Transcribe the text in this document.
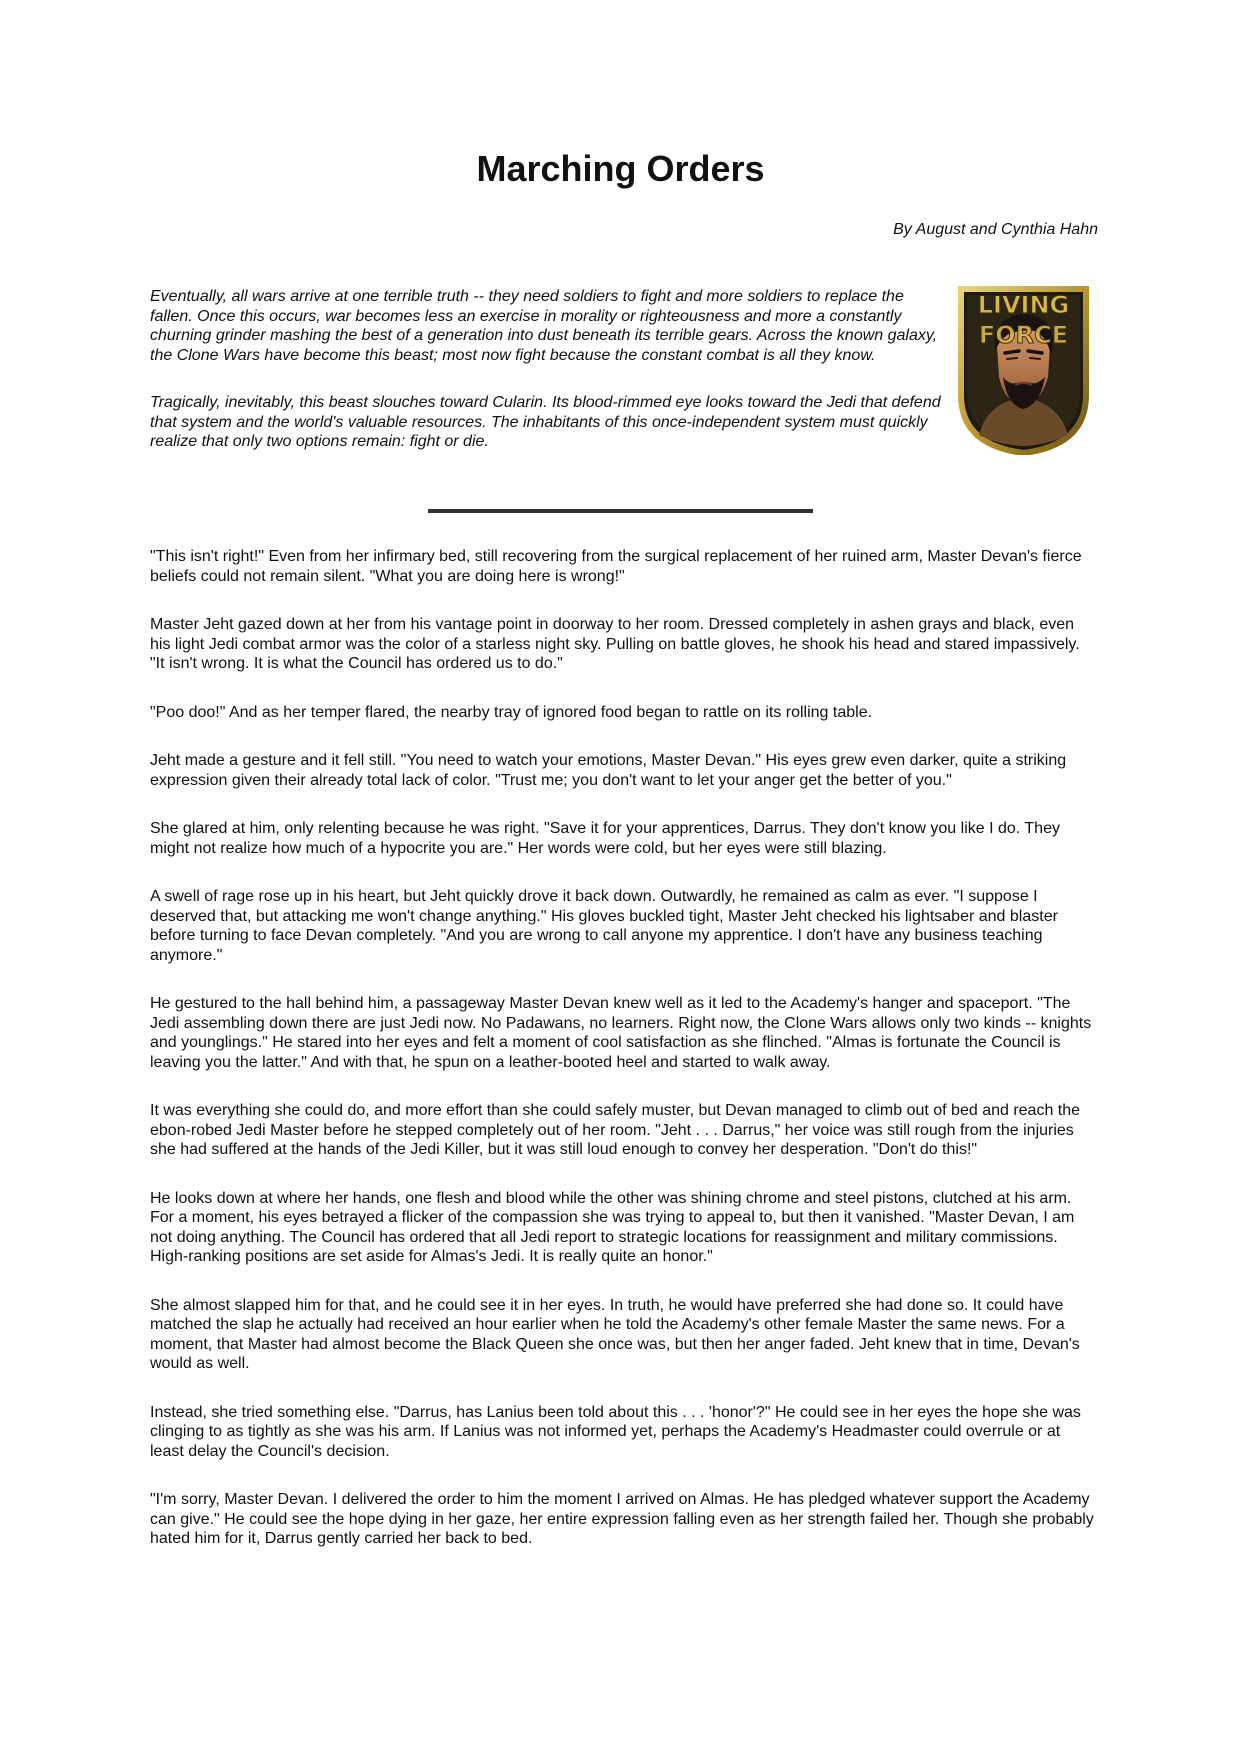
Marching Orders
By August and Cynthia Hahn

Eventually, all wars arrive at one terrible truth -- they need soldiers to fight and more soldiers to replace the fallen. Once this occurs, war becomes less an exercise in morality or righteousness and more a constantly churning grinder mashing the best of a generation into dust beneath its terrible gears. Across the known galaxy, the Clone Wars have become this beast; most now fight because the constant combat is all they know.

Tragically, inevitably, this beast slouches toward Cularin. Its blood-rimmed eye looks toward the Jedi that defend that system and the world's valuable resources. The inhabitants of this once-independent system must quickly realize that only two options remain: fight or die.

LIVING
FORCE

"This isn't right!" Even from her infirmary bed, still recovering from the surgical replacement of her ruined arm, Master Devan's fierce beliefs could not remain silent. "What you are doing here is wrong!"

Master Jeht gazed down at her from his vantage point in doorway to her room. Dressed completely in ashen grays and black, even his light Jedi combat armor was the color of a starless night sky. Pulling on battle gloves, he shook his head and stared impassively. "It isn't wrong. It is what the Council has ordered us to do."

"Poo doo!" And as her temper flared, the nearby tray of ignored food began to rattle on its rolling table.

Jeht made a gesture and it fell still. "You need to watch your emotions, Master Devan." His eyes grew even darker, quite a striking expression given their already total lack of color. "Trust me; you don't want to let your anger get the better of you."

She glared at him, only relenting because he was right. "Save it for your apprentices, Darrus. They don't know you like I do. They might not realize how much of a hypocrite you are." Her words were cold, but her eyes were still blazing.

A swell of rage rose up in his heart, but Jeht quickly drove it back down. Outwardly, he remained as calm as ever. "I suppose I deserved that, but attacking me won't change anything." His gloves buckled tight, Master Jeht checked his lightsaber and blaster before turning to face Devan completely. "And you are wrong to call anyone my apprentice. I don't have any business teaching anymore."

He gestured to the hall behind him, a passageway Master Devan knew well as it led to the Academy's hanger and spaceport. "The Jedi assembling down there are just Jedi now. No Padawans, no learners. Right now, the Clone Wars allows only two kinds -- knights and younglings." He stared into her eyes and felt a moment of cool satisfaction as she flinched. "Almas is fortunate the Council is leaving you the latter." And with that, he spun on a leather-booted heel and started to walk away.

It was everything she could do, and more effort than she could safely muster, but Devan managed to climb out of bed and reach the ebon-robed Jedi Master before he stepped completely out of her room. "Jeht . . . Darrus," her voice was still rough from the injuries she had suffered at the hands of the Jedi Killer, but it was still loud enough to convey her desperation. "Don't do this!"

He looks down at where her hands, one flesh and blood while the other was shining chrome and steel pistons, clutched at his arm. For a moment, his eyes betrayed a flicker of the compassion she was trying to appeal to, but then it vanished. "Master Devan, I am not doing anything. The Council has ordered that all Jedi report to strategic locations for reassignment and military commissions. High-ranking positions are set aside for Almas's Jedi. It is really quite an honor."

She almost slapped him for that, and he could see it in her eyes. In truth, he would have preferred she had done so. It could have matched the slap he actually had received an hour earlier when he told the Academy's other female Master the same news. For a moment, that Master had almost become the Black Queen she once was, but then her anger faded. Jeht knew that in time, Devan's would as well.

Instead, she tried something else. "Darrus, has Lanius been told about this . . . 'honor'?" He could see in her eyes the hope she was clinging to as tightly as she was his arm. If Lanius was not informed yet, perhaps the Academy's Headmaster could overrule or at least delay the Council's decision.

"I'm sorry, Master Devan. I delivered the order to him the moment I arrived on Almas. He has pledged whatever support the Academy can give." He could see the hope dying in her gaze, her entire expression falling even as her strength failed her. Though she probably hated him for it, Darrus gently carried her back to bed.
